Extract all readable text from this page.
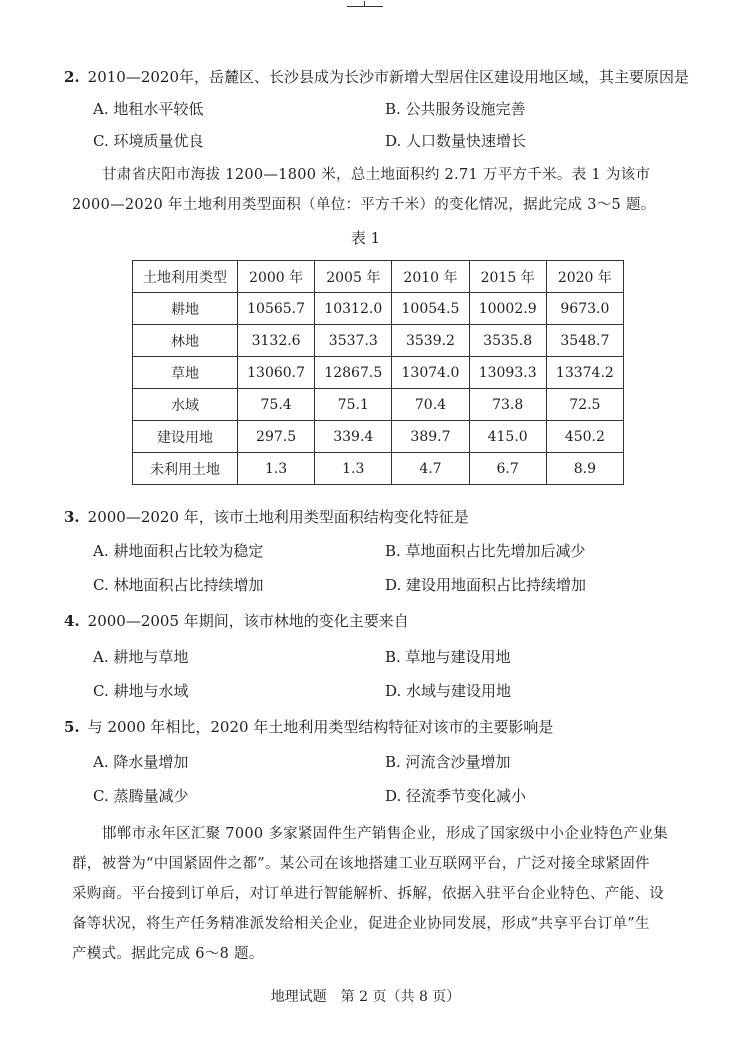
2. 2010—2020年，岳麓区、长沙县成为长沙市新增大型居住区建设用地区域，其主要原因是
A. 地租水平较低	B. 公共服务设施完善
C. 环境质量优良	D. 人口数量快速增长
甘肃省庆阳市海拔 1200—1800 米，总土地面积约 2.71 万平方千米。表 1 为该市
2000—2020 年土地利用类型面积（单位：平方千米）的变化情况，据此完成 3～5 题。
表 1
土地利用类型	2000 年	2005 年	2010 年	2015 年	2020 年
耕地	10565.7	10312.0	10054.5	10002.9	9673.0
林地	3132.6	3537.3	3539.2	3535.8	3548.7
草地	13060.7	12867.5	13074.0	13093.3	13374.2
水域	75.4	75.1	70.4	73.8	72.5
建设用地	297.5	339.4	389.7	415.0	450.2
未利用土地	1.3	1.3	4.7	6.7	8.9
3. 2000—2020 年，该市土地利用类型面积结构变化特征是
A. 耕地面积占比较为稳定	B. 草地面积占比先增加后减少
C. 林地面积占比持续增加	D. 建设用地面积占比持续增加
4. 2000—2005 年期间，该市林地的变化主要来自
A. 耕地与草地	B. 草地与建设用地
C. 耕地与水域	D. 水域与建设用地
5. 与 2000 年相比，2020 年土地利用类型结构特征对该市的主要影响是
A. 降水量增加	B. 河流含沙量增加
C. 蒸腾量减少	D. 径流季节变化减小
邯郸市永年区汇聚 7000 多家紧固件生产销售企业，形成了国家级中小企业特色产业集
群，被誉为“中国紧固件之都”。某公司在该地搭建工业互联网平台，广泛对接全球紧固件
采购商。平台接到订单后，对订单进行智能解析、拆解，依据入驻平台企业特色、产能、设
备等状况，将生产任务精准派发给相关企业，促进企业协同发展，形成“共享平台订单”生
产模式。据此完成 6～8 题。
地理试题　第 2 页（共 8 页）
